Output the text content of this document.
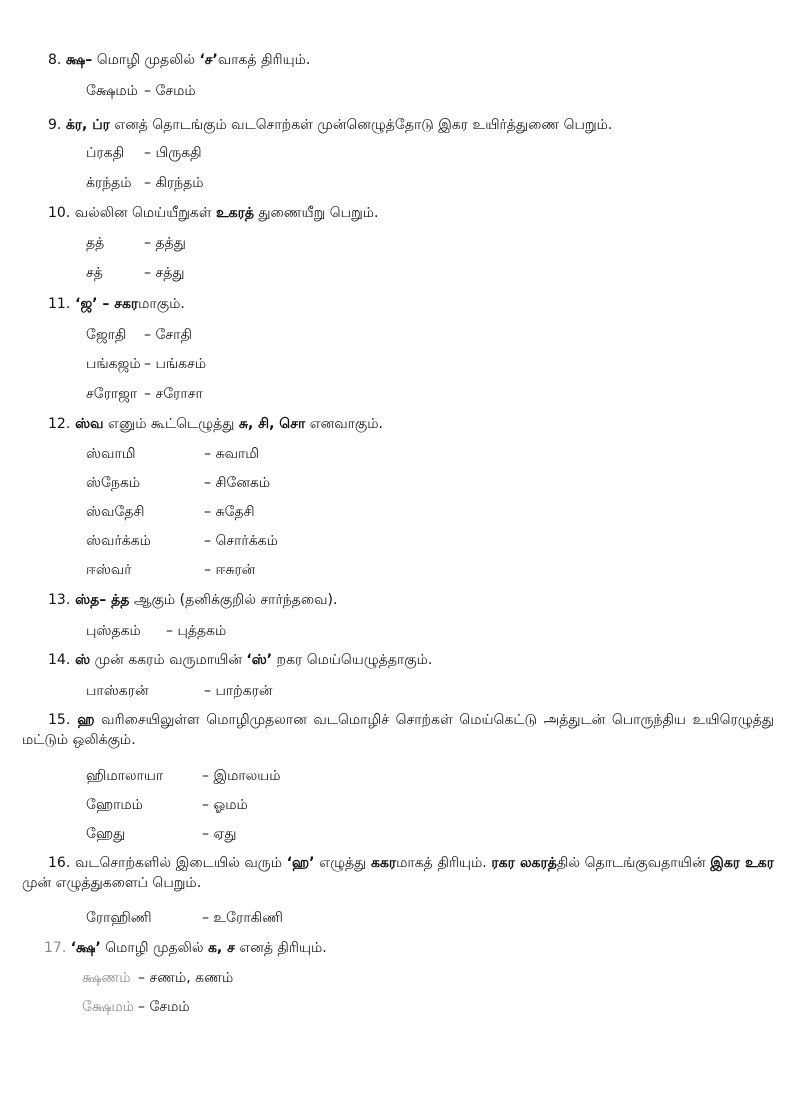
8. க்ஷ– மொழி முதலில் ‘ச’வாகத் திரியும்.
க்ஷேமம் – சேமம்
9. க்ர, ப்ர எனத் தொடங்கும் வடசொற்கள் முன்னெழுத்தோடு இகர உயிர்த்துணை பெறும்.
ப்ரகதி – பிருகதி
க்ரந்தம் – கிரந்தம்
10. வல்லின மெய்யீறுகள் உகரத் துணையீறு பெறும்.
தத்	– தத்து
சத்	– சத்து
11. ‘ஜ’ – சகரமாகும்.
ஜோதி – சோதி
பங்கஜம் – பங்கசம்
சரோஜா – சரோசா
12. ஸ்வ எனும் கூட்டெழுத்து சு, சி, சொ எனவாகும்.
ஸ்வாமி	– சுவாமி
ஸ்நேகம்	– சினேகம்
ஸ்வதேசி	– சுதேசி
ஸ்வர்க்கம்	– சொர்க்கம்
ஈஸ்வர்	– ஈசுரன்
13. ஸ்த– த்த ஆகும் (தனிக்குறில் சார்ந்தவை).
புஸ்தகம் – புத்தகம்
14. ஸ் முன் ககரம் வருமாயின் ‘ஸ்’ றகர மெய்யெழுத்தாகும்.
பாஸ்கரன்	– பாற்கரன்
15. ஹ வரிசையிலுள்ள மொழிமுதலான வடமொழிச் சொற்கள் மெய்கெட்டு அத்துடன் பொருந்திய உயிரெழுத்து மட்டும் ஒலிக்கும்.
ஹிமாலாயா	– இமாலயம்
ஹோமம்	– ஓமம்
ஹேது	– ஏது
16. வடசொற்களில் இடையில் வரும் ‘ஹ’ எழுத்து ககரமாகத் திரியும். ரகர லகரத்தில் தொடங்குவதாயின் இகர உகர முன் எழுத்துகளைப் பெறும்.
ரோஹிணி	– உரோகிணி
17. ‘க்ஷ’ மொழி முதலில் க, ச எனத் திரியும்.
க்ஷணம் – சணம், கணம்
க்ஷேமம் – சேமம்
